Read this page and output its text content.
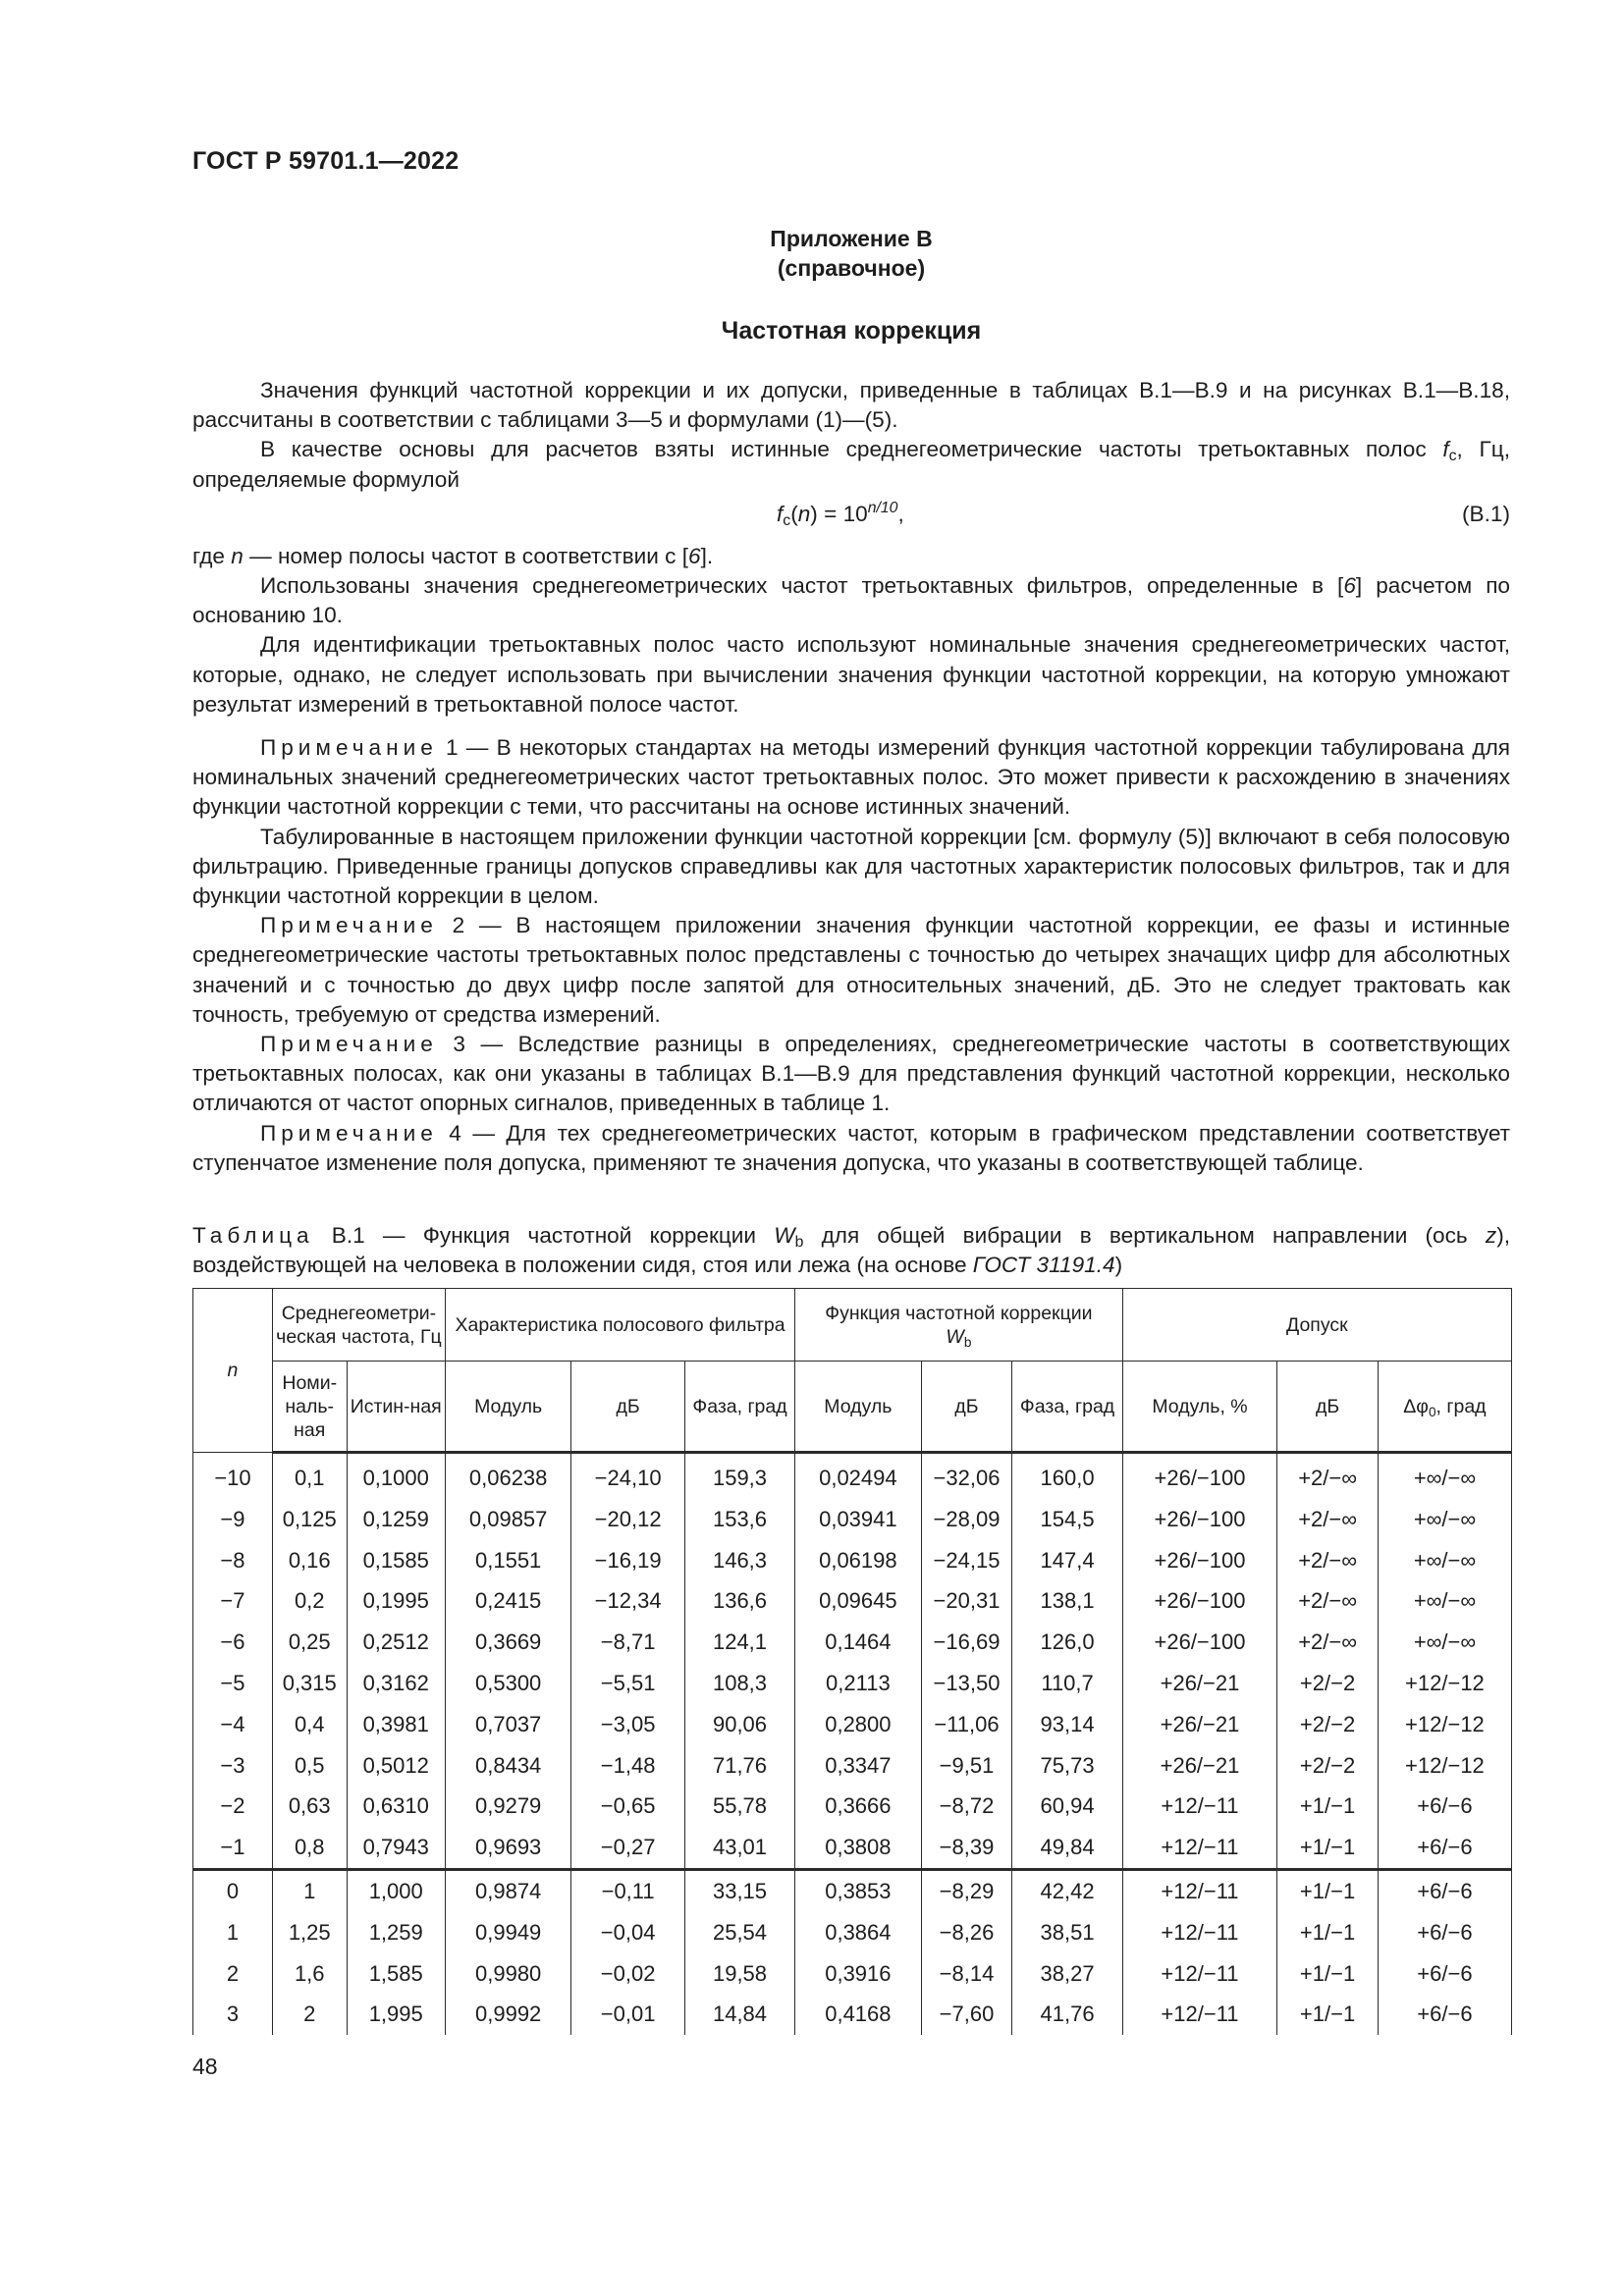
ГОСТ Р 59701.1—2022
Приложение В
(справочное)
Частотная коррекция

Значения функций частотной коррекции и их допуски, приведенные в таблицах В.1—В.9 и на рисунках В.1—В.18, рассчитаны в соответствии с таблицами 3—5 и формулами (1)—(5).

В качестве основы для расчетов взяты истинные среднегеометрические частоты третьоктавных полос $f_c$, Гц, определяемые формулой

$f_c(n) = 10^{n/10}$,	(В.1)

где n — номер полосы частот в соответствии с [6].

Использованы значения среднегеометрических частот третьоктавных фильтров, определенные в [6] расчетом по основанию 10.

Для идентификации третьоктавных полос часто используют номинальные значения среднегеометрических частот, которые, однако, не следует использовать при вычислении значения функции частотной коррекции, на которую умножают результат измерений в третьоктавной полосе частот.

Примечание 1 — В некоторых стандартах на методы измерений функция частотной коррекции табулирована для номинальных значений среднегеометрических частот третьоктавных полос. Это может привести к расхождению в значениях функции частотной коррекции с теми, что рассчитаны на основе истинных значений.

Табулированные в настоящем приложении функции частотной коррекции [см. формулу (5)] включают в себя полосовую фильтрацию. Приведенные границы допусков справедливы как для частотных характеристик полосовых фильтров, так и для функции частотной коррекции в целом.

Примечание 2 — В настоящем приложении значения функции частотной коррекции, ее фазы и истинные среднегеометрические частоты третьоктавных полос представлены с точностью до четырех значащих цифр для абсолютных значений и с точностью до двух цифр после запятой для относительных значений, дБ. Это не следует трактовать как точность, требуемую от средства измерений.

Примечание 3 — Вследствие разницы в определениях, среднегеометрические частоты в соответствующих третьоктавных полосах, как они указаны в таблицах В.1—В.9 для представления функций частотной коррекции, несколько отличаются от частот опорных сигналов, приведенных в таблице 1.

Примечание 4 — Для тех среднегеометрических частот, которым в графическом представлении соответствует ступенчатое изменение поля допуска, применяют те значения допуска, что указаны в соответствующей таблице.

Таблица В.1 — Функция частотной коррекции $W_b$ для общей вибрации в вертикальном направлении (ось z), воздействующей на человека в положении сидя, стоя или лежа (на основе ГОСТ 31191.4)
n	Среднегеометри-ческая частота, Гц		Характеристика полосового фильтра			Функция частотной коррекции
$W_b$			Допуск		
	Номи-наль-ная	Истин-ная	Модуль	дБ	Фаза, град	Модуль	дБ	Фаза, град	Модуль, %	дБ	$\Delta\varphi_0$, град
−10	0,1	0,1000	0,06238	−24,10	159,3	0,02494	−32,06	160,0	+26/−100	+2/−∞	+∞/−∞
−9	0,125	0,1259	0,09857	−20,12	153,6	0,03941	−28,09	154,5	+26/−100	+2/−∞	+∞/−∞
−8	0,16	0,1585	0,1551	−16,19	146,3	0,06198	−24,15	147,4	+26/−100	+2/−∞	+∞/−∞
−7	0,2	0,1995	0,2415	−12,34	136,6	0,09645	−20,31	138,1	+26/−100	+2/−∞	+∞/−∞
−6	0,25	0,2512	0,3669	−8,71	124,1	0,1464	−16,69	126,0	+26/−100	+2/−∞	+∞/−∞
−5	0,315	0,3162	0,5300	−5,51	108,3	0,2113	−13,50	110,7	+26/−21	+2/−2	+12/−12
−4	0,4	0,3981	0,7037	−3,05	90,06	0,2800	−11,06	93,14	+26/−21	+2/−2	+12/−12
−3	0,5	0,5012	0,8434	−1,48	71,76	0,3347	−9,51	75,73	+26/−21	+2/−2	+12/−12
−2	0,63	0,6310	0,9279	−0,65	55,78	0,3666	−8,72	60,94	+12/−11	+1/−1	+6/−6
−1	0,8	0,7943	0,9693	−0,27	43,01	0,3808	−8,39	49,84	+12/−11	+1/−1	+6/−6
0	1	1,000	0,9874	−0,11	33,15	0,3853	−8,29	42,42	+12/−11	+1/−1	+6/−6
1	1,25	1,259	0,9949	−0,04	25,54	0,3864	−8,26	38,51	+12/−11	+1/−1	+6/−6
2	1,6	1,585	0,9980	−0,02	19,58	0,3916	−8,14	38,27	+12/−11	+1/−1	+6/−6
3	2	1,995	0,9992	−0,01	14,84	0,4168	−7,60	41,76	+12/−11	+1/−1	+6/−6
48
